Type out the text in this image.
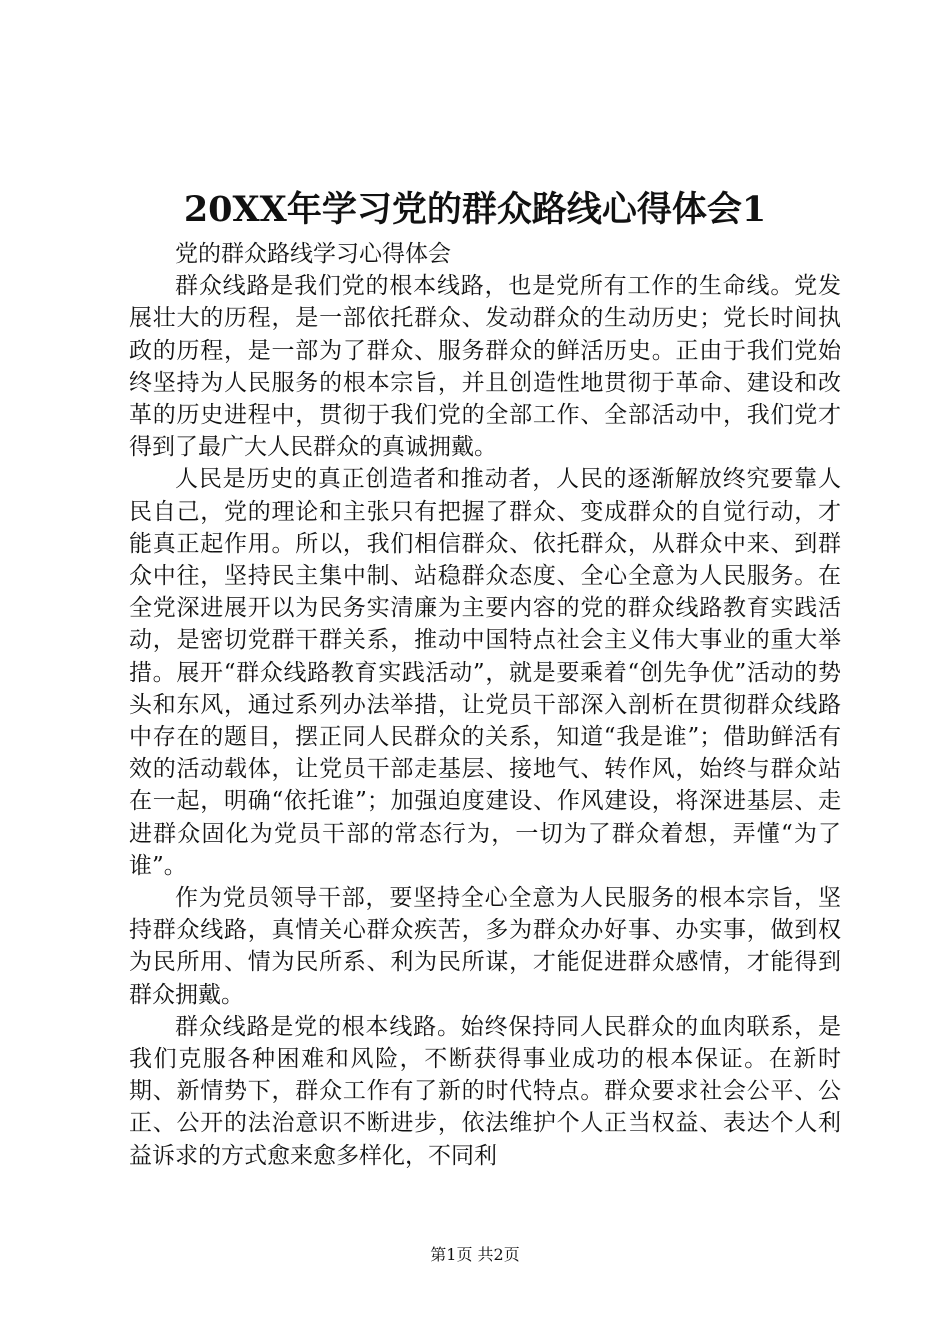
20XX年学习党的群众路线心得体会1

党的群众路线学习心得体会

群众线路是我们党的根本线路，也是党所有工作的生命线。党发展壮大的历程，是一部依托群众、发动群众的生动历史；党长时间执政的历程，是一部为了群众、服务群众的鲜活历史。正由于我们党始终坚持为人民服务的根本宗旨，并且创造性地贯彻于革命、建设和改革的历史进程中，贯彻于我们党的全部工作、全部活动中，我们党才得到了最广大人民群众的真诚拥戴。

人民是历史的真正创造者和推动者，人民的逐渐解放终究要靠人民自己，党的理论和主张只有把握了群众、变成群众的自觉行动，才能真正起作用。所以，我们相信群众、依托群众，从群众中来、到群众中往，坚持民主集中制、站稳群众态度、全心全意为人民服务。在全党深进展开以为民务实清廉为主要内容的党的群众线路教育实践活动，是密切党群干群关系，推动中国特点社会主义伟大事业的重大举措。展开“群众线路教育实践活动”，就是要乘着“创先争优”活动的势头和东风，通过系列办法举措，让党员干部深入剖析在贯彻群众线路中存在的题目，摆正同人民群众的关系，知道“我是谁”；借助鲜活有效的活动载体，让党员干部走基层、接地气、转作风，始终与群众站在一起，明确“依托谁”；加强迫度建设、作风建设，将深进基层、走进群众固化为党员干部的常态行为，一切为了群众着想，弄懂“为了谁”。

作为党员领导干部，要坚持全心全意为人民服务的根本宗旨，坚持群众线路，真情关心群众疾苦，多为群众办好事、办实事，做到权为民所用、情为民所系、利为民所谋，才能促进群众感情，才能得到群众拥戴。

群众线路是党的根本线路。始终保持同人民群众的血肉联系，是我们克服各种困难和风险，不断获得事业成功的根本保证。在新时期、新情势下，群众工作有了新的时代特点。群众要求社会公平、公正、公开的法治意识不断进步，依法维护个人正当权益、表达个人利益诉求的方式愈来愈多样化，不同利

第1页 共2页
